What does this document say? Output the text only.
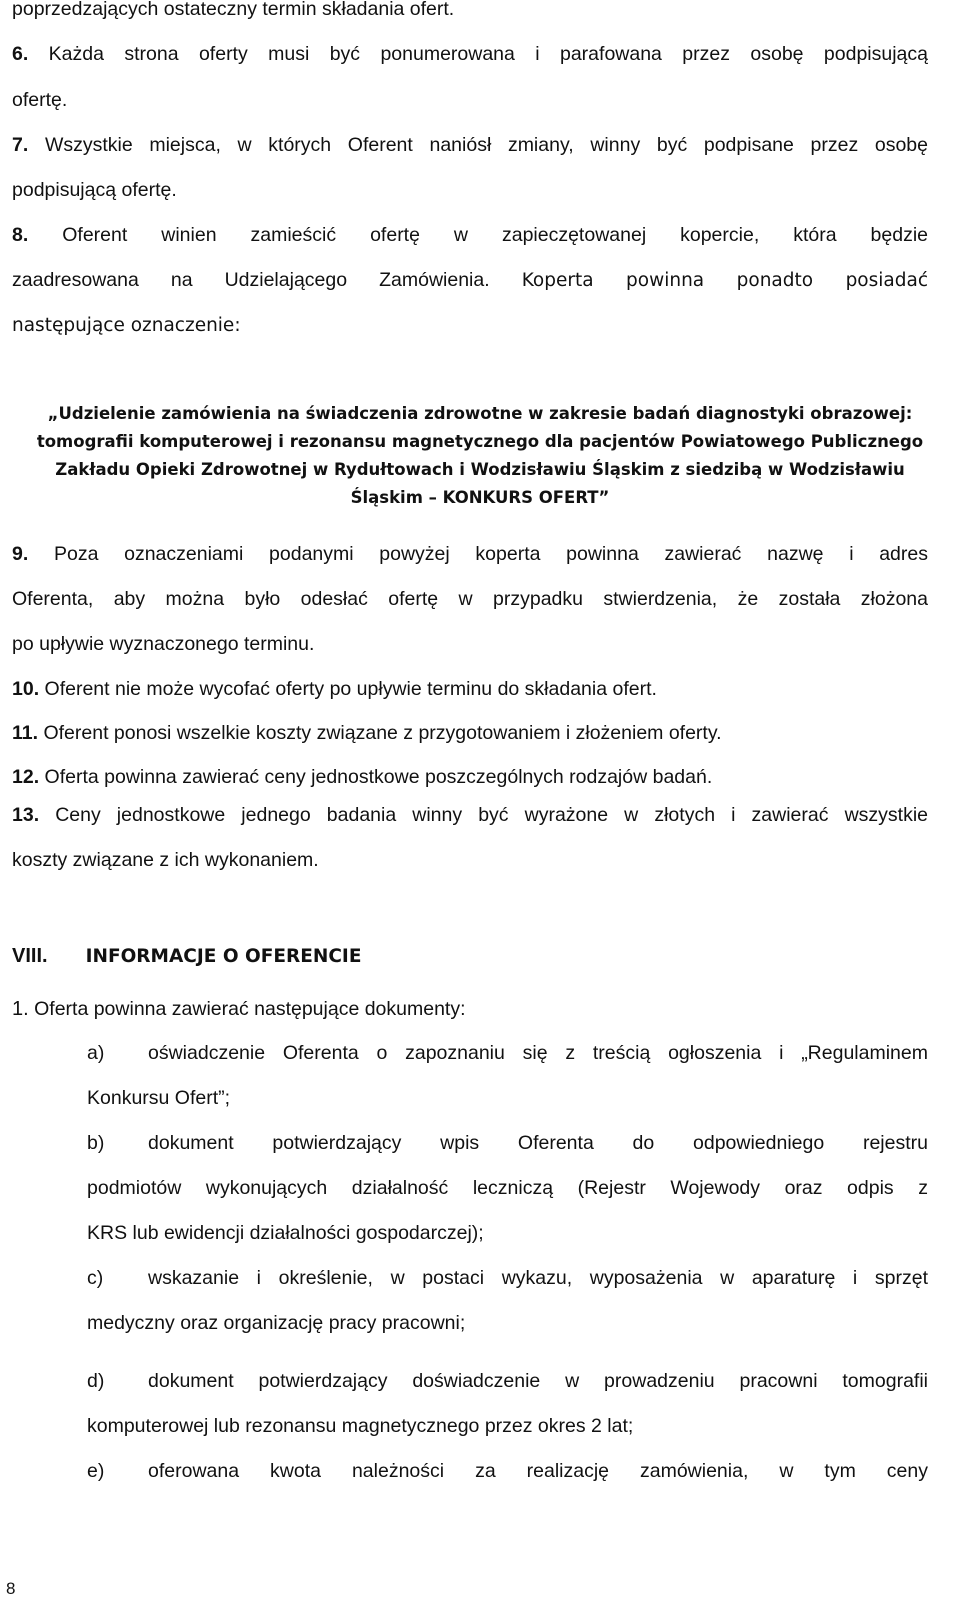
poprzedzających ostateczny termin składania ofert.
6. Każda strona oferty musi być ponumerowana i parafowana przez osobę podpisującą
ofertę.
7. Wszystkie miejsca, w których Oferent naniósł zmiany, winny być podpisane przez osobę
podpisującą ofertę.
8. Oferent winien zamieścić ofertę w zapieczętowanej kopercie, która będzie
zaadresowana na Udzielającego Zamówienia. Koperta powinna ponadto posiadać
następujące oznaczenie:
„Udzielenie zamówienia na świadczenia zdrowotne w zakresie badań diagnostyki obrazowej:
tomografii komputerowej i rezonansu magnetycznego dla pacjentów Powiatowego Publicznego
Zakładu Opieki Zdrowotnej w Rydułtowach i Wodzisławiu Śląskim z siedzibą w Wodzisławiu
Śląskim – KONKURS OFERT”
9. Poza oznaczeniami podanymi powyżej koperta powinna zawierać nazwę i adres
Oferenta, aby można było odesłać ofertę w przypadku stwierdzenia, że została złożona
po upływie wyznaczonego terminu.
10. Oferent nie może wycofać oferty po upływie terminu do składania ofert.
11. Oferent ponosi wszelkie koszty związane z przygotowaniem i złożeniem oferty.
12. Oferta powinna zawierać ceny jednostkowe poszczególnych rodzajów badań.
13. Ceny jednostkowe jednego badania winny być wyrażone w złotych i zawierać wszystkie
koszty związane z ich wykonaniem.
VIII. INFORMACJE O OFERENCIE
1. Oferta powinna zawierać następujące dokumenty:
a) oświadczenie Oferenta o zapoznaniu się z treścią ogłoszenia i „Regulaminem
Konkursu Ofert”;
b) dokument potwierdzający wpis Oferenta do odpowiedniego rejestru
podmiotów wykonujących działalność leczniczą (Rejestr Wojewody oraz odpis z
KRS lub ewidencji działalności gospodarczej);
c) wskazanie i określenie, w postaci wykazu, wyposażenia w aparaturę i sprzęt
medyczny oraz organizację pracy pracowni;
d) dokument potwierdzający doświadczenie w prowadzeniu pracowni tomografii
komputerowej lub rezonansu magnetycznego przez okres 2 lat;
e) oferowana kwota należności za realizację zamówienia, w tym ceny
8
